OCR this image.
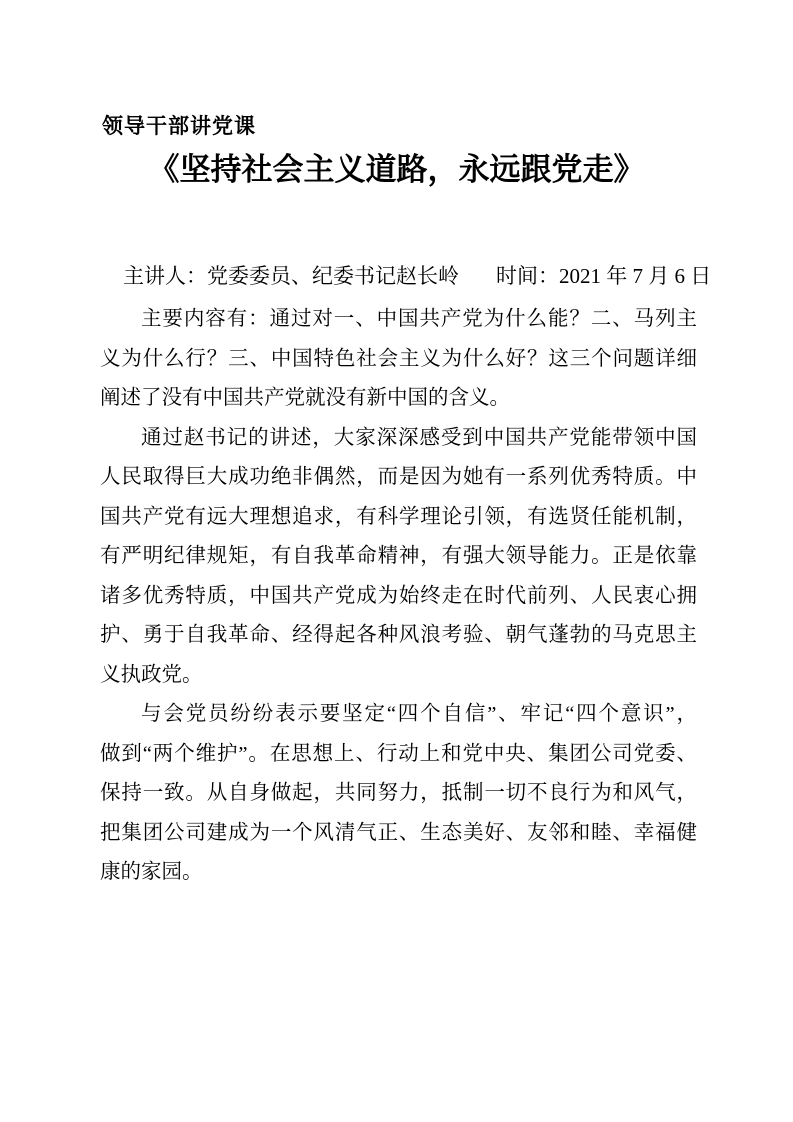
领导干部讲党课
《坚持社会主义道路，永远跟党走》

主讲人：党委委员、纪委书记赵长岭 时间：2021 年 7 月 6 日

主要内容有：通过对一、中国共产党为什么能？二、马列主
义为什么行？三、中国特色社会主义为什么好？这三个问题详细
阐述了没有中国共产党就没有新中国的含义。
通过赵书记的讲述，大家深深感受到中国共产党能带领中国
人民取得巨大成功绝非偶然，而是因为她有一系列优秀特质。中
国共产党有远大理想追求，有科学理论引领，有选贤任能机制，
有严明纪律规矩，有自我革命精神，有强大领导能力。正是依靠
诸多优秀特质，中国共产党成为始终走在时代前列、人民衷心拥
护、勇于自我革命、经得起各种风浪考验、朝气蓬勃的马克思主
义执政党。
与会党员纷纷表示要坚定“四个自信”、牢记“四个意识”，
做到“两个维护”。在思想上、行动上和党中央、集团公司党委、
保持一致。从自身做起，共同努力，抵制一切不良行为和风气，
把集团公司建成为一个风清气正、生态美好、友邻和睦、幸福健
康的家园。
